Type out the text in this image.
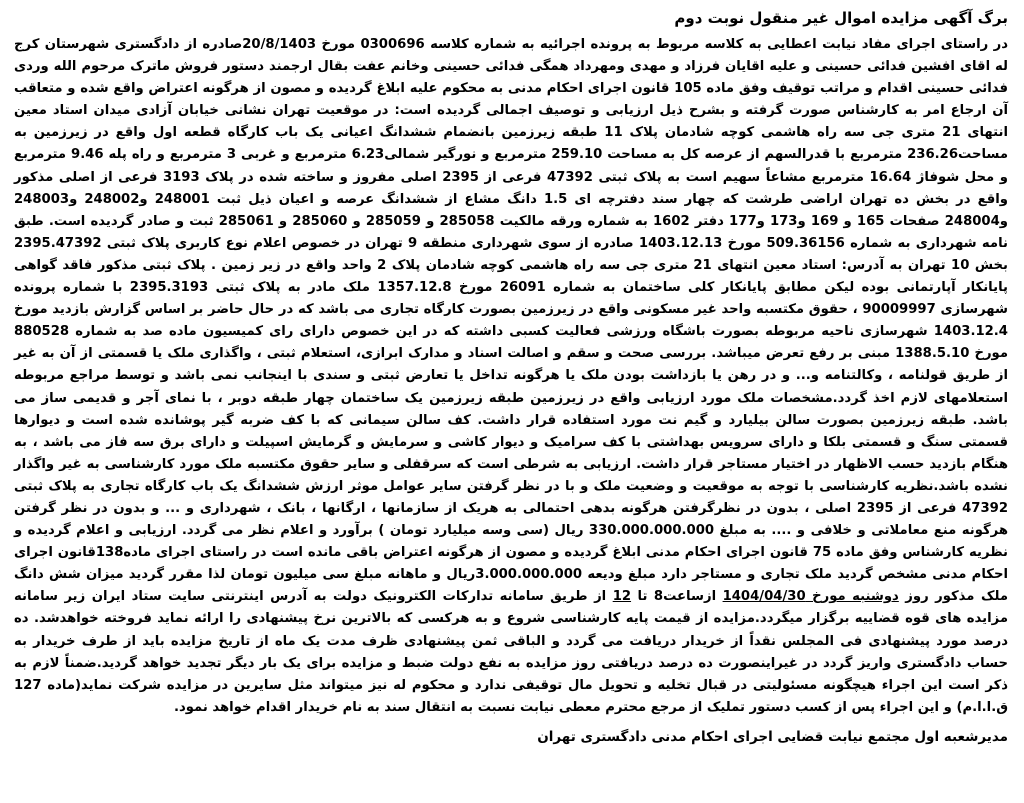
برگ آگهی مزایده اموال غیر منقول نوبت دوم

در راستای اجرای مفاد نیابت اعطایی به کلاسه مربوط به پرونده اجرائیه به شماره کلاسه 0300696 مورخ 20/8/1403صادره از دادگستری شهرستان کرج له اقای افشین فدائی حسینی و علیه اقایان فرزاد و مهدی ومهرداد همگی فدائی حسینی وخانم عفت بقال ارجمند دستور فروش ماترک مرحوم الله وردی فدائی حسینی اقدام و مراتب توقیف وفق ماده 105 قانون اجرای احکام مدنی به محکوم علیه ابلاغ گردیده و مصون از هرگونه اعتراض واقع شده و متعاقب آن ارجاع امر به کارشناس صورت گرفته و بشرح ذیل ارزیابی و توصیف اجمالی گردیده است: در موقعیت تهران نشانی خیابان آزادی میدان استاد معین انتهای 21 متری جی سه راه هاشمی کوچه شادمان پلاک 11 طبقه زیرزمین بانضمام ششدانگ اعیانی یک باب کارگاه قطعه اول واقع در زیرزمین به مساحت236.26 مترمربع با قدرالسهم از عرصه کل به مساحت 259.10 مترمربع و نورگیر شمالی6.23 مترمربع و غربی 3 مترمربع و راه پله 9.46 مترمربع و محل شوفاژ 16.64 مترمربع مشاعاً سهیم است به پلاک ثبتی 47392 فرعی از 2395 اصلی مفروز و ساخته شده در پلاک 3193 فرعی از اصلی مذکور واقع در بخش ده تهران اراضی طرشت که چهار سند دفترچه ای 1.5 دانگ مشاع از ششدانگ عرصه و اعیان ذیل ثبت 248001 و248002 و248003 و248004 صفحات 165 و 169 و173 و177 دفتر 1602 به شماره ورقه مالکیت 285058 و 285059 و 285060 و 285061 ثبت و صادر گردیده است. طبق نامه شهرداری به شماره 509.36156 مورخ 1403.12.13 صادره از سوی شهرداری منطقه 9 تهران در خصوص اعلام نوع کاربری پلاک ثبتی 2395.47392 بخش 10 تهران به آدرس: استاد معین انتهای 21 متری جی سه راه هاشمی کوچه شادمان پلاک 2 واحد واقع در زیر زمین . پلاک ثبتی مذکور فاقد گواهی پایانکار آپارتمانی بوده لیکن مطابق پایانکار کلی ساختمان به شماره 26091 مورخ 1357.12.8 ملک مادر به پلاک ثبتی 2395.3193 با شماره پرونده شهرسازی 90009997 ، حقوق مکتسبه واحد غیر مسکونی واقع در زیرزمین بصورت کارگاه تجاری می باشد که در حال حاضر بر اساس گزارش بازدید مورخ 1403.12.4 شهرسازی ناحیه مربوطه بصورت باشگاه ورزشی فعالیت کسبی داشته که در این خصوص دارای رای کمیسیون ماده صد به شماره 880528 مورخ 1388.5.10 مبنی بر رفع تعرض میباشد. بررسی صحت و سقم و اصالت اسناد و مدارک ابرازی، استعلام ثبتی ، واگذاری ملک یا قسمتی از آن به غیر از طریق قولنامه ، وکالتنامه و... و در رهن یا بازداشت بودن ملک یا هرگونه تداخل یا تعارض ثبتی و سندی با اینجانب نمی باشد و توسط مراجع مربوطه استعلامهای لازم اخذ گردد.مشخصات ملک مورد ارزیابی واقع در زیرزمین طبقه زیرزمین یک ساختمان چهار طبقه دوبر ، با نمای آجر و قدیمی ساز می باشد. طبقه زیرزمین بصورت سالن بیلیارد و گیم نت مورد استفاده قرار داشت. کف سالن سیمانی که با کف ضربه گیر پوشانده شده است و دیوارها قسمتی سنگ و قسمتی بلکا و دارای سرویس بهداشتی با کف سرامیک و دیوار کاشی و سرمایش و گرمایش اسپیلت و دارای برق سه فاز می باشد ، به هنگام بازدید حسب الاظهار در اختیار مستاجر قرار داشت. ارزیابی به شرطی است که سرقفلی و سایر حقوق مکتسبه ملک مورد کارشناسی به غیر واگذار نشده باشد.نظریه کارشناسی با توجه به موقعیت و وضعیت ملک و با در نظر گرفتن سایر عوامل موثر ارزش ششدانگ یک باب کارگاه تجاری به پلاک ثبتی 47392 فرعی از 2395 اصلی ، بدون در نظرگرفتن هرگونه بدهی احتمالی به هریک از سازمانها ، ارگانها ، بانک ، شهرداری و ... و بدون در نظر گرفتن هرگونه منع معاملاتی و خلافی و .... به مبلغ 330.000.000.000 ریال (سی وسه میلیارد تومان ) برآورد و اعلام نظر می گردد. ارزیابی و اعلام گردیده و نظریه کارشناس وفق ماده 75 قانون اجرای احکام مدنی ابلاغ گردیده و مصون از هرگونه اعتراض باقی مانده است در راستای اجرای ماده138قانون اجرای احکام مدنی مشخص گردید ملک تجاری و مستاجر دارد مبلغ ودیعه 3.000.000.000ریال و ماهانه مبلغ سی میلیون تومان لذا مقرر گردید میزان شش دانگ ملک مذکور روز دوشنبه مورخ 1404/04/30 ازساعت8 تا 12 از طریق سامانه تدارکات الکترونیک دولت به آدرس اینترنتی سایت ستاد ایران زیر سامانه مزایده های قوه قضاییه برگزار میگردد.مزایده از قیمت پایه کارشناسی شروع و به هرکسی که بالاترین نرخ پیشنهادی را ارائه نماید فروخته خواهدشد. ده درصد مورد پیشنهادی فی المجلس نقداً از خریدار دریافت می گردد و الباقی ثمن پیشنهادی ظرف مدت یک ماه از تاریخ مزایده باید از طرف خریدار به حساب دادگستری واریز گردد در غیراینصورت ده درصد دریافتی روز مزایده به نفع دولت ضبط و مزایده برای یک بار دیگر تجدید خواهد گردید.ضمناً لازم به ذکر است این اجراء هیچگونه مسئولیتی در قبال تخلیه و تحویل مال توقیفی ندارد و محکوم له نیز میتواند مثل سایرین در مزایده شرکت نماید(ماده 127 ق.ا.ا.م) و این اجراء پس از کسب دستور تملیک از مرجع محترم معطی نیابت نسبت به انتقال سند به نام خریدار اقدام خواهد نمود.

مدیرشعبه اول مجتمع نیابت قضایی اجرای احکام مدنی دادگستری تهران
